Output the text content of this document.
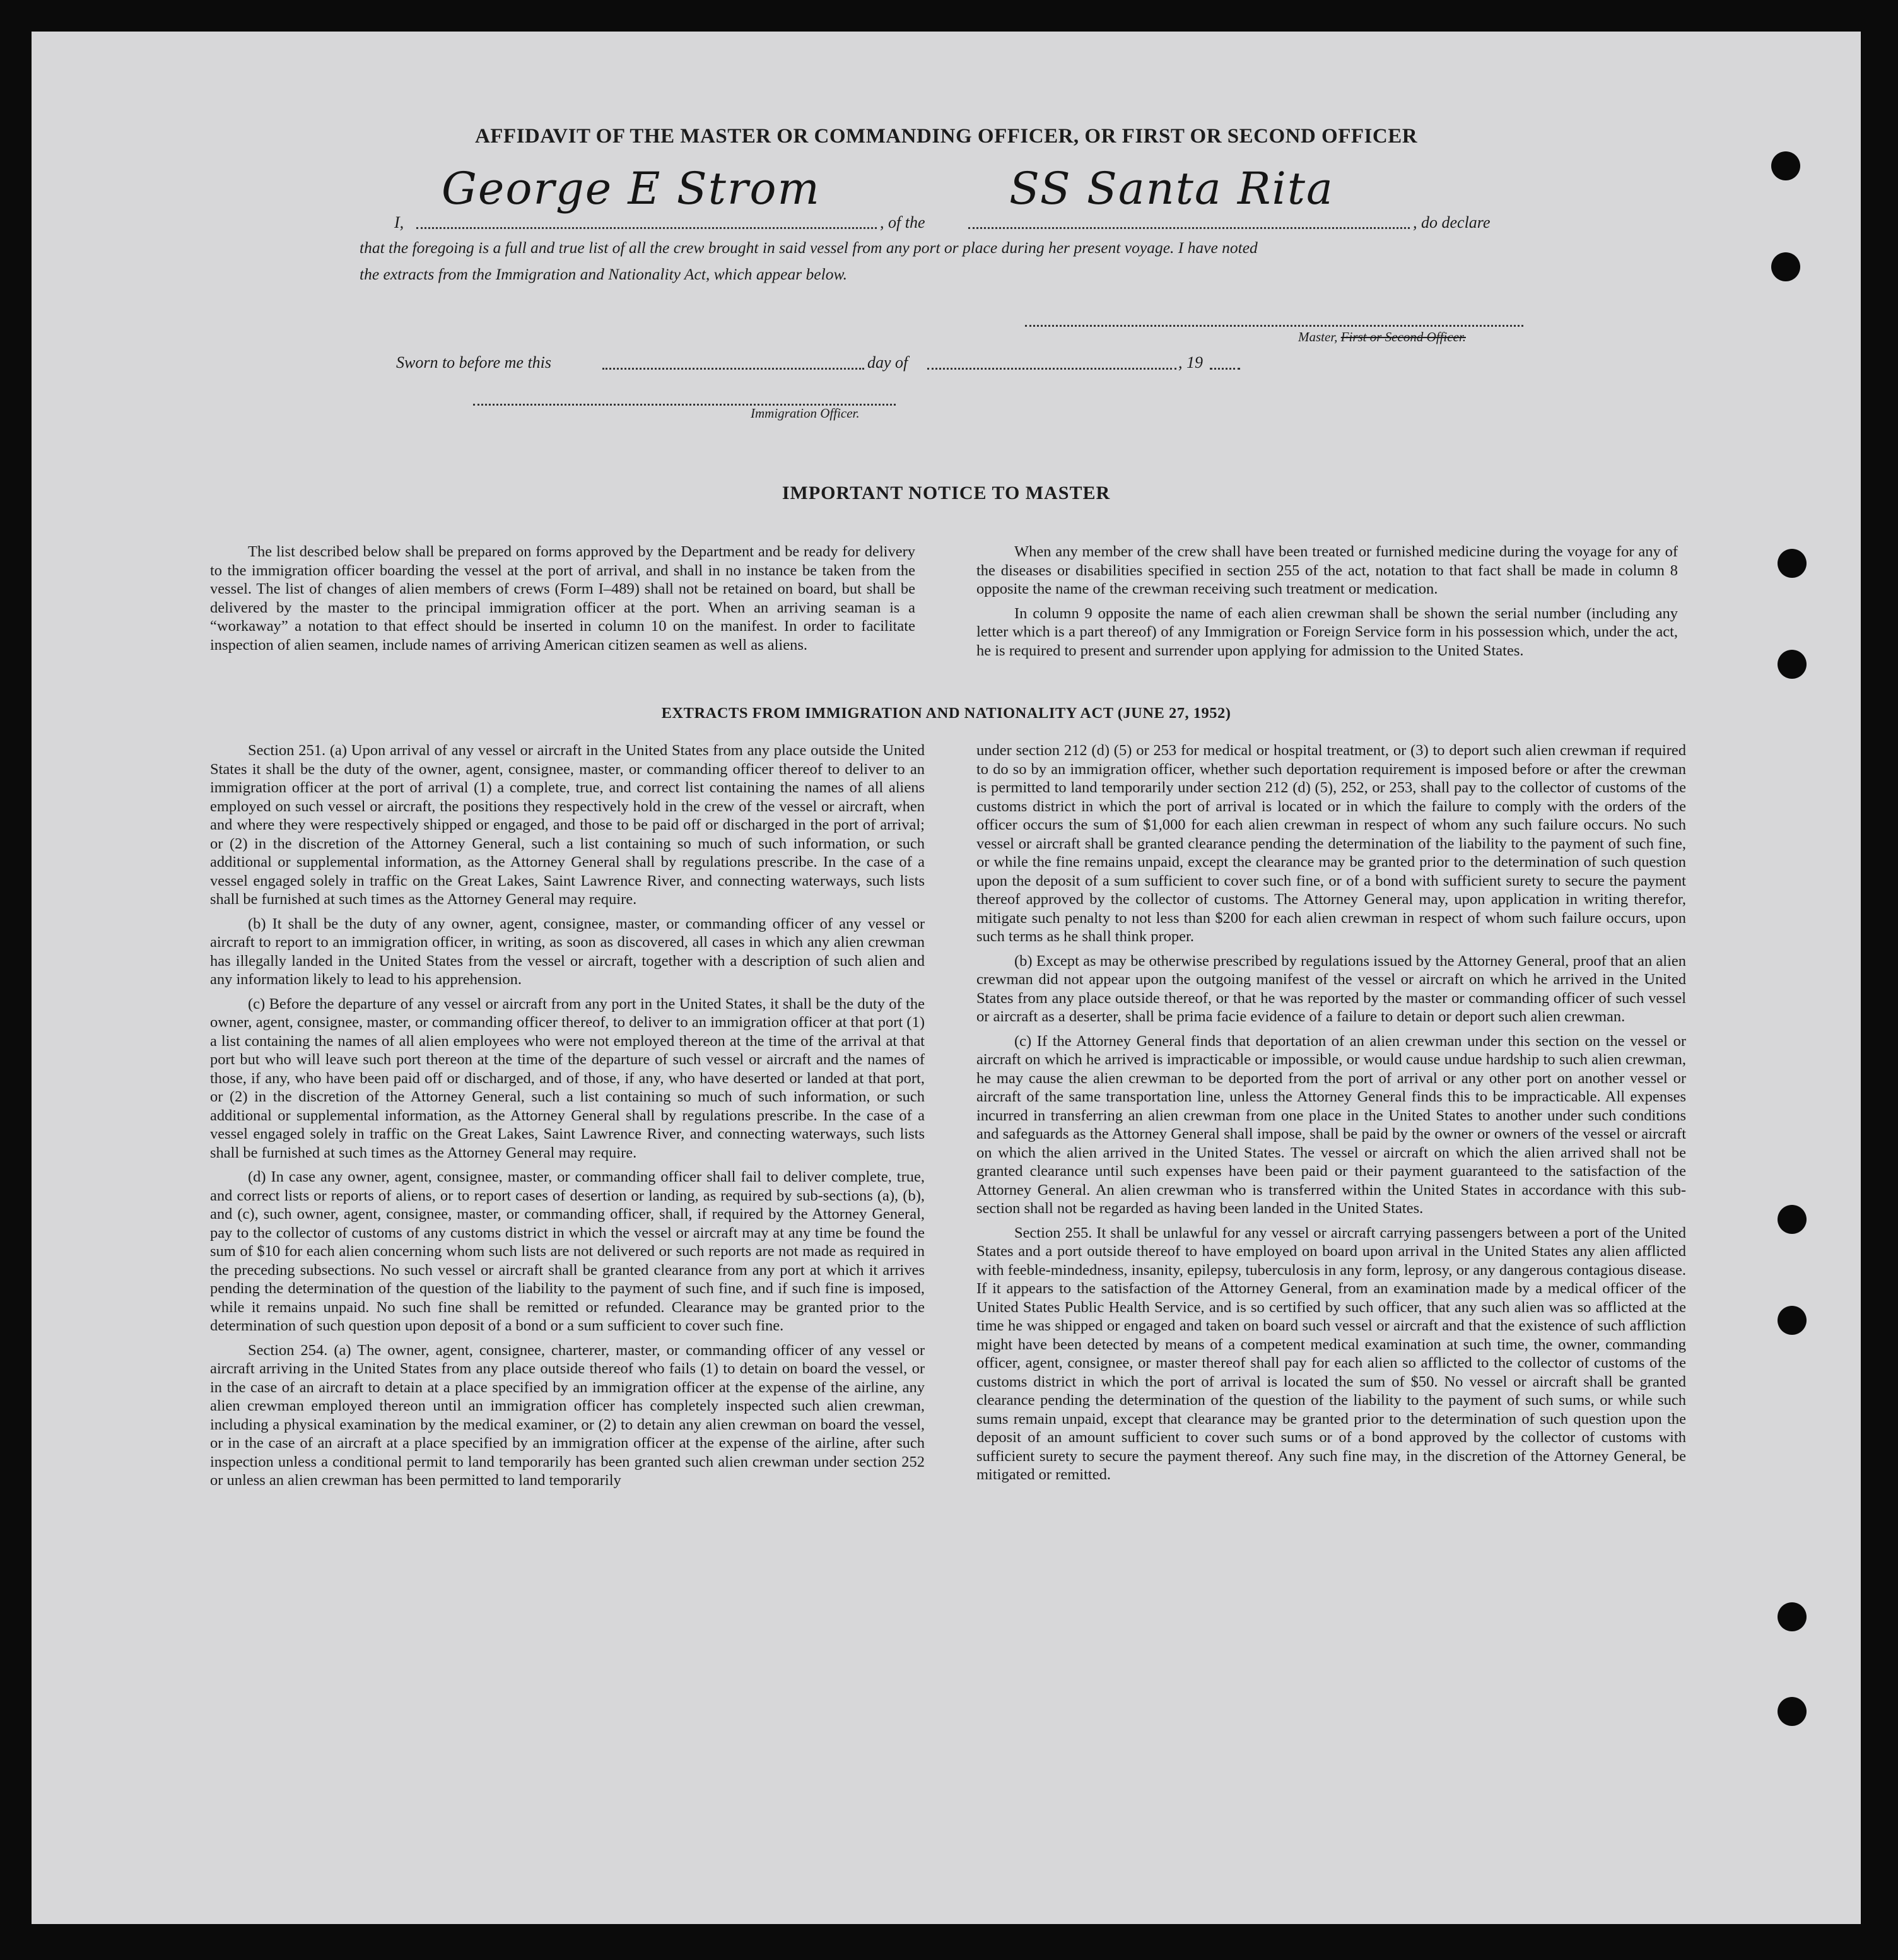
AFFIDAVIT OF THE MASTER OR COMMANDING OFFICER, OR FIRST OR SECOND OFFICER
I,
George E Strom
, of the
SS Santa Rita
, do declare
that the foregoing is a full and true list of all the crew brought in said vessel from any port or place during her present voyage. I have noted
the extracts from the Immigration and Nationality Act, which appear below.
Master, First or Second Officer.
Sworn to before me this	day of	, 19
Immigration Officer.
IMPORTANT NOTICE TO MASTER

The list described below shall be prepared on forms approved by the Department and be ready for delivery to the immigration officer boarding the vessel at the port of arrival, and shall in no instance be taken from the vessel. The list of changes of alien members of crews (Form I–489) shall not be retained on board, but shall be delivered by the master to the principal immigration officer at the port. When an arriving seaman is a “workaway” a notation to that effect should be inserted in column 10 on the manifest. In order to facilitate inspection of alien seamen, include names of arriving American citizen seamen as well as aliens.

When any member of the crew shall have been treated or furnished medicine during the voyage for any of the diseases or disabilities specified in section 255 of the act, notation to that fact shall be made in column 8 opposite the name of the crewman receiving such treatment or medication.

In column 9 opposite the name of each alien crewman shall be shown the serial number (including any letter which is a part thereof) of any Immigration or Foreign Service form in his possession which, under the act, he is required to present and surrender upon applying for admission to the United States.

EXTRACTS FROM IMMIGRATION AND NATIONALITY ACT (JUNE 27, 1952)

Section 251. (a) Upon arrival of any vessel or aircraft in the United States from any place outside the United States it shall be the duty of the owner, agent, consignee, master, or commanding officer thereof to deliver to an immigration officer at the port of arrival (1) a complete, true, and correct list containing the names of all aliens employed on such vessel or aircraft, the positions they respectively hold in the crew of the vessel or aircraft, when and where they were respectively shipped or engaged, and those to be paid off or discharged in the port of arrival; or (2) in the discretion of the Attorney General, such a list containing so much of such information, or such additional or supplemental information, as the Attorney General shall by regulations prescribe. In the case of a vessel engaged solely in traffic on the Great Lakes, Saint Lawrence River, and connecting waterways, such lists shall be furnished at such times as the Attorney General may require.

(b) It shall be the duty of any owner, agent, consignee, master, or commanding officer of any vessel or aircraft to report to an immigration officer, in writing, as soon as discovered, all cases in which any alien crewman has illegally landed in the United States from the vessel or aircraft, together with a description of such alien and any information likely to lead to his apprehension.

(c) Before the departure of any vessel or aircraft from any port in the United States, it shall be the duty of the owner, agent, consignee, master, or commanding officer thereof, to deliver to an immigration officer at that port (1) a list containing the names of all alien employees who were not employed thereon at the time of the arrival at that port but who will leave such port thereon at the time of the departure of such vessel or aircraft and the names of those, if any, who have been paid off or discharged, and of those, if any, who have deserted or landed at that port, or (2) in the discretion of the Attorney General, such a list containing so much of such information, or such additional or supplemental information, as the Attorney General shall by regulations prescribe. In the case of a vessel engaged solely in traffic on the Great Lakes, Saint Lawrence River, and connecting waterways, such lists shall be furnished at such times as the Attorney General may require.

(d) In case any owner, agent, consignee, master, or commanding officer shall fail to deliver complete, true, and correct lists or reports of aliens, or to report cases of desertion or landing, as required by sub-sections (a), (b), and (c), such owner, agent, consignee, master, or commanding officer, shall, if required by the Attorney General, pay to the collector of customs of any customs district in which the vessel or aircraft may at any time be found the sum of $10 for each alien concerning whom such lists are not delivered or such reports are not made as required in the preceding subsections. No such vessel or aircraft shall be granted clearance from any port at which it arrives pending the determination of the question of the liability to the payment of such fine, and if such fine is imposed, while it remains unpaid. No such fine shall be remitted or refunded. Clearance may be granted prior to the determination of such question upon deposit of a bond or a sum sufficient to cover such fine.

Section 254. (a) The owner, agent, consignee, charterer, master, or commanding officer of any vessel or aircraft arriving in the United States from any place outside thereof who fails (1) to detain on board the vessel, or in the case of an aircraft to detain at a place specified by an immigration officer at the expense of the airline, any alien crewman employed thereon until an immigration officer has completely inspected such alien crewman, including a physical examination by the medical examiner, or (2) to detain any alien crewman on board the vessel, or in the case of an aircraft at a place specified by an immigration officer at the expense of the airline, after such inspection unless a conditional permit to land temporarily has been granted such alien crewman under section 252 or unless an alien crewman has been permitted to land temporarily

under section 212 (d) (5) or 253 for medical or hospital treatment, or (3) to deport such alien crewman if required to do so by an immigration officer, whether such deportation requirement is imposed before or after the crewman is permitted to land temporarily under section 212 (d) (5), 252, or 253, shall pay to the collector of customs of the customs district in which the port of arrival is located or in which the failure to comply with the orders of the officer occurs the sum of $1,000 for each alien crewman in respect of whom any such failure occurs. No such vessel or aircraft shall be granted clearance pending the determination of the liability to the payment of such fine, or while the fine remains unpaid, except the clearance may be granted prior to the determination of such question upon the deposit of a sum sufficient to cover such fine, or of a bond with sufficient surety to secure the payment thereof approved by the collector of customs. The Attorney General may, upon application in writing therefor, mitigate such penalty to not less than $200 for each alien crewman in respect of whom such failure occurs, upon such terms as he shall think proper.

(b) Except as may be otherwise prescribed by regulations issued by the Attorney General, proof that an alien crewman did not appear upon the outgoing manifest of the vessel or aircraft on which he arrived in the United States from any place outside thereof, or that he was reported by the master or commanding officer of such vessel or aircraft as a deserter, shall be prima facie evidence of a failure to detain or deport such alien crewman.

(c) If the Attorney General finds that deportation of an alien crewman under this section on the vessel or aircraft on which he arrived is impracticable or impossible, or would cause undue hardship to such alien crewman, he may cause the alien crewman to be deported from the port of arrival or any other port on another vessel or aircraft of the same transportation line, unless the Attorney General finds this to be impracticable. All expenses incurred in transferring an alien crewman from one place in the United States to another under such conditions and safeguards as the Attorney General shall impose, shall be paid by the owner or owners of the vessel or aircraft on which the alien arrived in the United States. The vessel or aircraft on which the alien arrived shall not be granted clearance until such expenses have been paid or their payment guaranteed to the satisfaction of the Attorney General. An alien crewman who is transferred within the United States in accordance with this sub-section shall not be regarded as having been landed in the United States.

Section 255. It shall be unlawful for any vessel or aircraft carrying passengers between a port of the United States and a port outside thereof to have employed on board upon arrival in the United States any alien afflicted with feeble-mindedness, insanity, epilepsy, tuberculosis in any form, leprosy, or any dangerous contagious disease. If it appears to the satisfaction of the Attorney General, from an examination made by a medical officer of the United States Public Health Service, and is so certified by such officer, that any such alien was so afflicted at the time he was shipped or engaged and taken on board such vessel or aircraft and that the existence of such affliction might have been detected by means of a competent medical examination at such time, the owner, commanding officer, agent, consignee, or master thereof shall pay for each alien so afflicted to the collector of customs of the customs district in which the port of arrival is located the sum of $50. No vessel or aircraft shall be granted clearance pending the determination of the question of the liability to the payment of such sums, or while such sums remain unpaid, except that clearance may be granted prior to the determination of such question upon the deposit of an amount sufficient to cover such sums or of a bond approved by the collector of customs with sufficient surety to secure the payment thereof. Any such fine may, in the discretion of the Attorney General, be mitigated or remitted.
